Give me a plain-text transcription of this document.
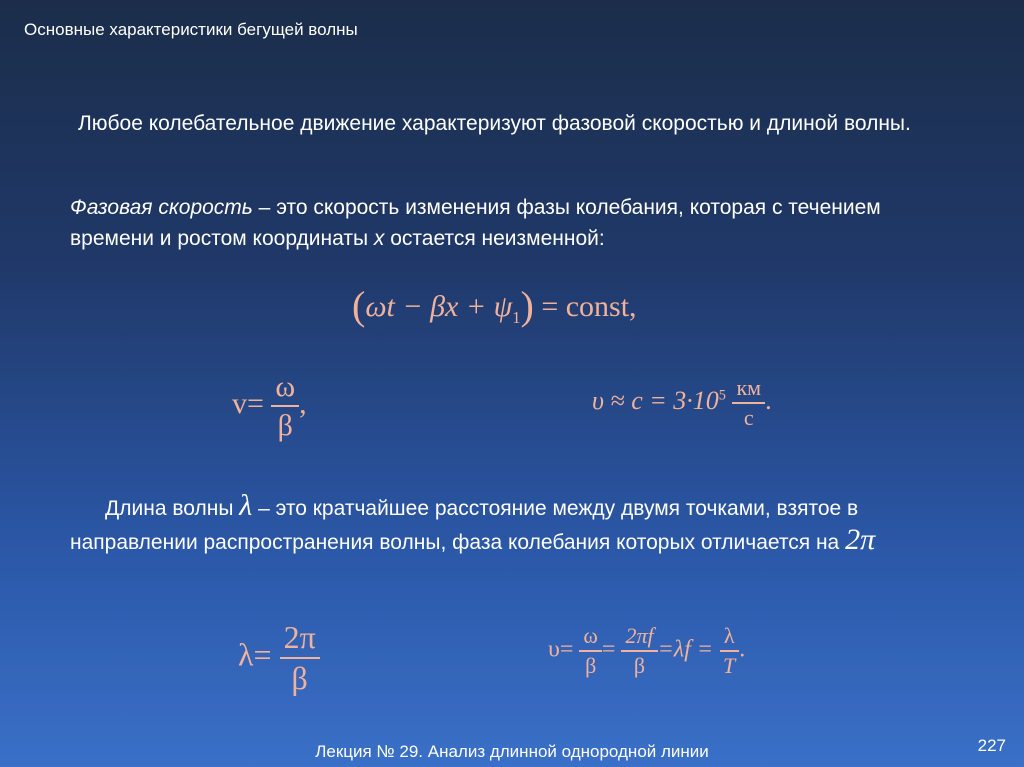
Основные характеристики бегущей волны
Любое колебательное движение характеризуют фазовой скоростью и длиной волны.
Фазовая скорость – это скорость изменения фазы колебания, которая с течением времени и ростом координаты x остается неизменной:
$(\omega t - \beta x + \psi_1)$ = const,
$v= \frac{\omega}{\beta}$ ,	$\upsilon \approx c = 3\cdot 10^5 \frac{км}{с}$ .
Длина волны λ – это кратчайшее расстояние между двумя точками, взятое в направлении распространения волны, фаза колебания которых отличается на 2π
$\lambda= \frac{2\pi}{\beta}$	$\upsilon= \frac{\omega}{\beta} = \frac{2\pi f}{\beta} =\lambda f = \frac{\lambda}{T}$ .
Лекция № 29. Анализ длинной однородной линии	227
